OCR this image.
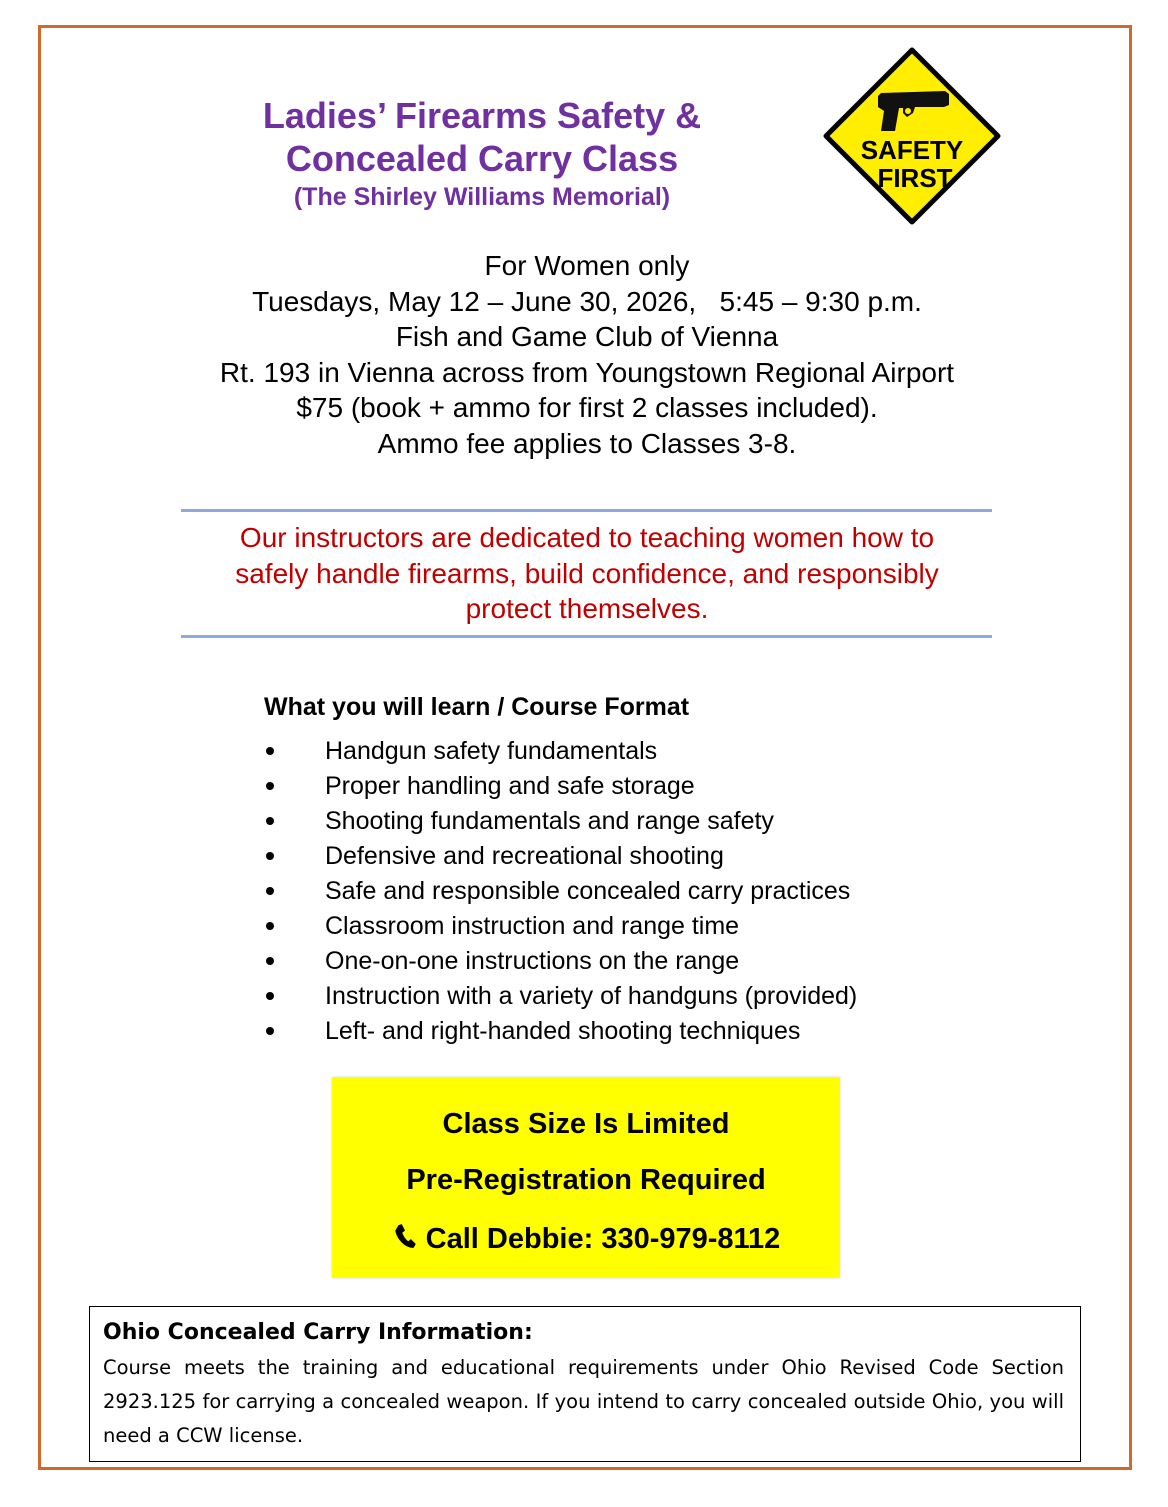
Ladies’ Firearms Safety &
Concealed Carry Class
(The Shirley Williams Memorial)
SAFETY
FIRST
For Women only
Tuesdays, May 12 – June 30, 2026,   5:45 – 9:30 p.m.
Fish and Game Club of Vienna
Rt. 193 in Vienna across from Youngstown Regional Airport
$75 (book + ammo for first 2 classes included).
Ammo fee applies to Classes 3-8.
Our instructors are dedicated to teaching women how to
safely handle firearms, build confidence, and responsibly
protect themselves.
What you will learn / Course Format
Handgun safety fundamentals
Proper handling and safe storage
Shooting fundamentals and range safety
Defensive and recreational shooting
Safe and responsible concealed carry practices
Classroom instruction and range time
One-on-one instructions on the range
Instruction with a variety of handguns (provided)
Left- and right-handed shooting techniques
Class Size Is Limited
Pre-Registration Required
Call Debbie: 330-979-8112
Ohio Concealed Carry Information:
Course meets the training and educational requirements under Ohio Revised Code Section 2923.125 for carrying a concealed weapon. If you intend to carry concealed outside Ohio, you will need a CCW license.
